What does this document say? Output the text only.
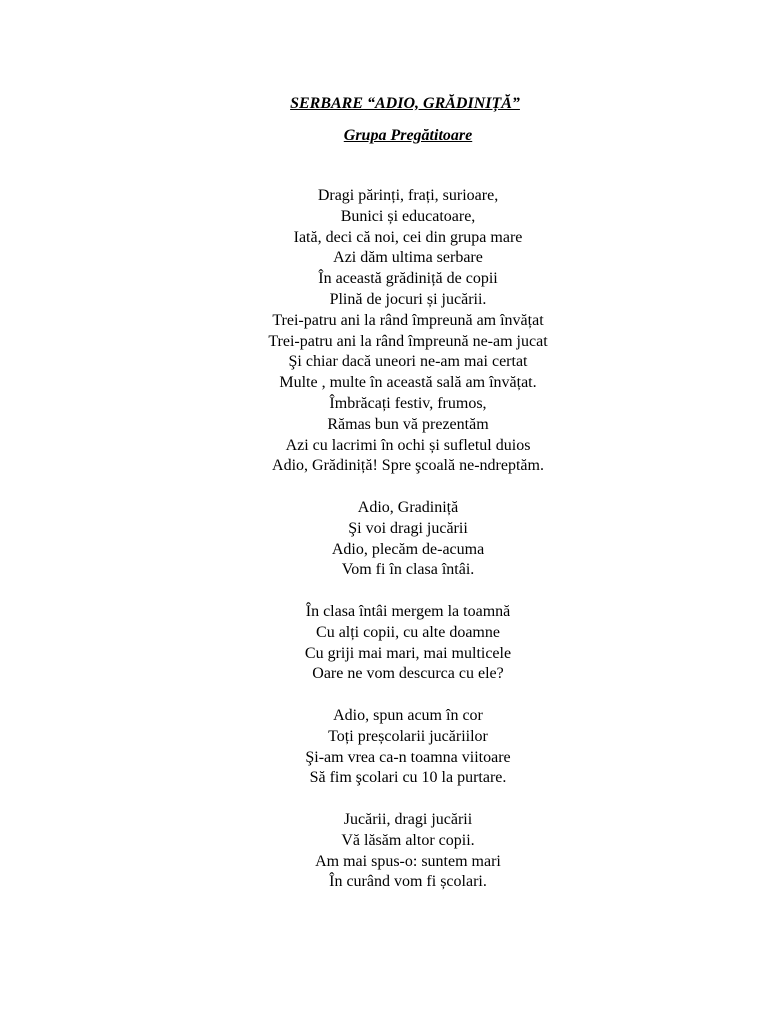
SERBARE “ADIO, GRĂDINIȚĂ”
Grupa Pregătitoare
Dragi părinți, frați, surioare,
Bunici și educatoare,
Iată, deci că noi, cei din grupa mare
Azi dăm ultima serbare
În această grădiniță de copii
Plină de jocuri și jucării.
Trei-patru ani la rând împreună am învățat
Trei-patru ani la rând împreună ne-am jucat
Şi chiar dacă uneori ne-am mai certat
Multe , multe în această sală am învățat.
Îmbrăcați festiv, frumos,
Rămas bun vă prezentăm
Azi cu lacrimi în ochi și sufletul duios
Adio, Grădiniță! Spre şcoală ne-ndreptăm.
Adio, Gradiniță
Şi voi dragi jucării
Adio, plecăm de-acuma
Vom fi în clasa întâi.
În clasa întâi mergem la toamnă
Cu alți copii, cu alte doamne
Cu griji mai mari, mai multicele
Oare ne vom descurca cu ele?
Adio, spun acum în cor
Toți preșcolarii jucăriilor
Şi-am vrea ca-n toamna viitoare
Să fim şcolari cu 10 la purtare.
Jucării, dragi jucării
Vă lăsăm altor copii.
Am mai spus-o: suntem mari
În curând vom fi școlari.
